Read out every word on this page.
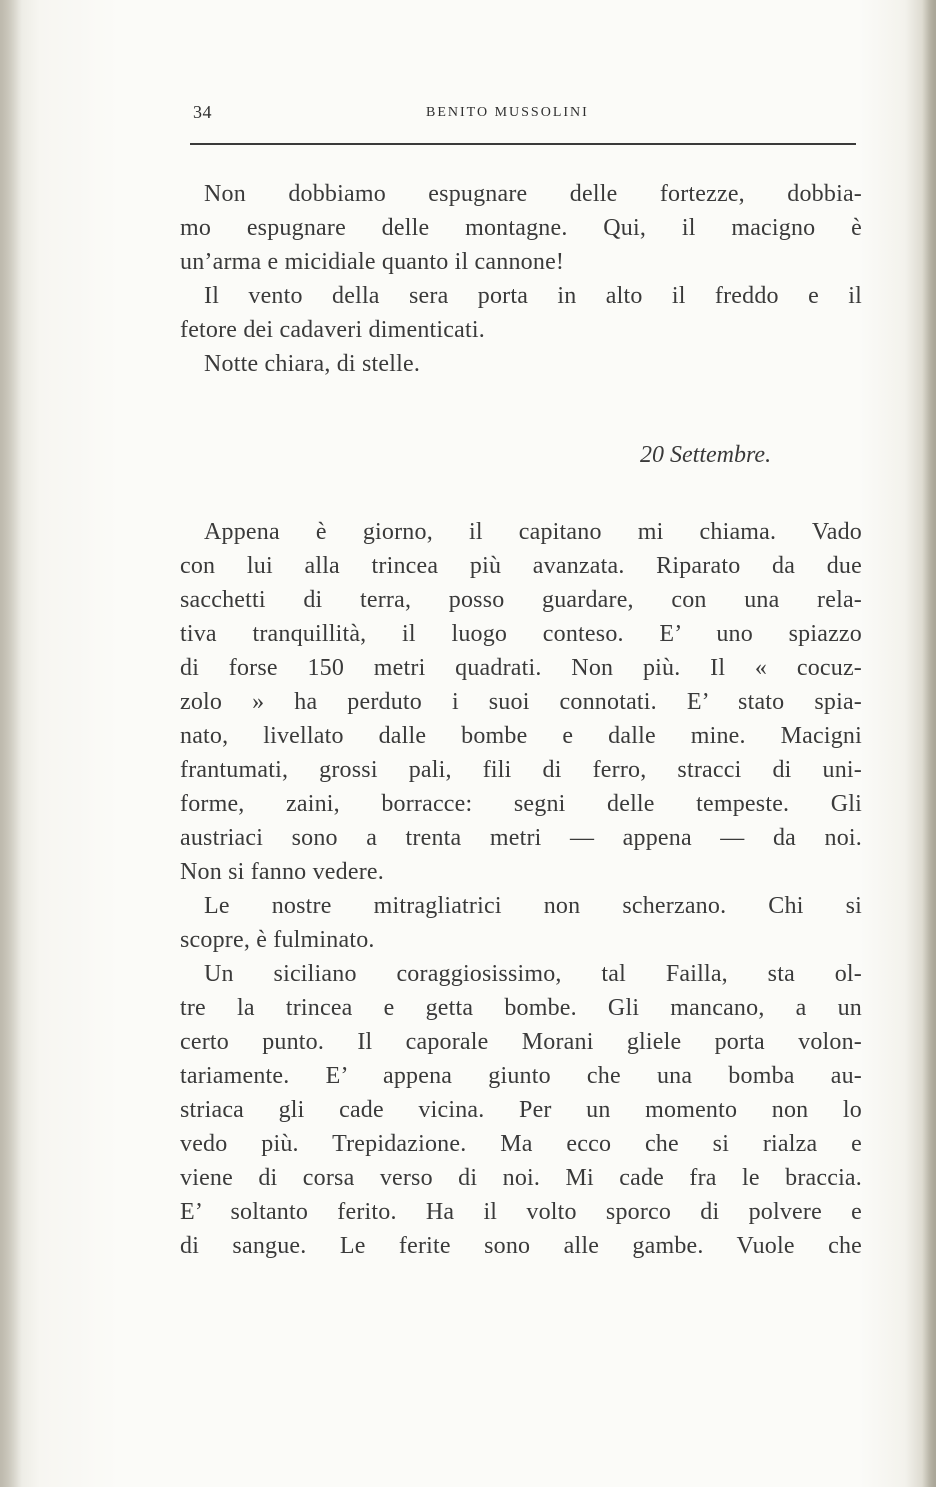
34	BENITO MUSSOLINI
Non dobbiamo espugnare delle fortezze, dobbia-
mo espugnare delle montagne. Qui, il macigno è
un’arma e micidiale quanto il cannone!
Il vento della sera porta in alto il freddo e il
fetore dei cadaveri dimenticati.
Notte chiara, di stelle.
20 Settembre.
Appena è giorno, il capitano mi chiama. Vado
con lui alla trincea più avanzata. Riparato da due
sacchetti di terra, posso guardare, con una rela-
tiva tranquillità, il luogo conteso. E’ uno spiazzo
di forse 150 metri quadrati. Non più. Il « cocuz-
zolo » ha perduto i suoi connotati. E’ stato spia-
nato, livellato dalle bombe e dalle mine. Macigni
frantumati, grossi pali, fili di ferro, stracci di uni-
forme, zaini, borracce: segni delle tempeste. Gli
austriaci sono a trenta metri — appena — da noi.
Non si fanno vedere.
Le nostre mitragliatrici non scherzano. Chi si
scopre, è fulminato.
Un siciliano coraggiosissimo, tal Failla, sta ol-
tre la trincea e getta bombe. Gli mancano, a un
certo punto. Il caporale Morani gliele porta volon-
tariamente. E’ appena giunto che una bomba au-
striaca gli cade vicina. Per un momento non lo
vedo più. Trepidazione. Ma ecco che si rialza e
viene di corsa verso di noi. Mi cade fra le braccia.
E’ soltanto ferito. Ha il volto sporco di polvere e
di sangue. Le ferite sono alle gambe. Vuole che
